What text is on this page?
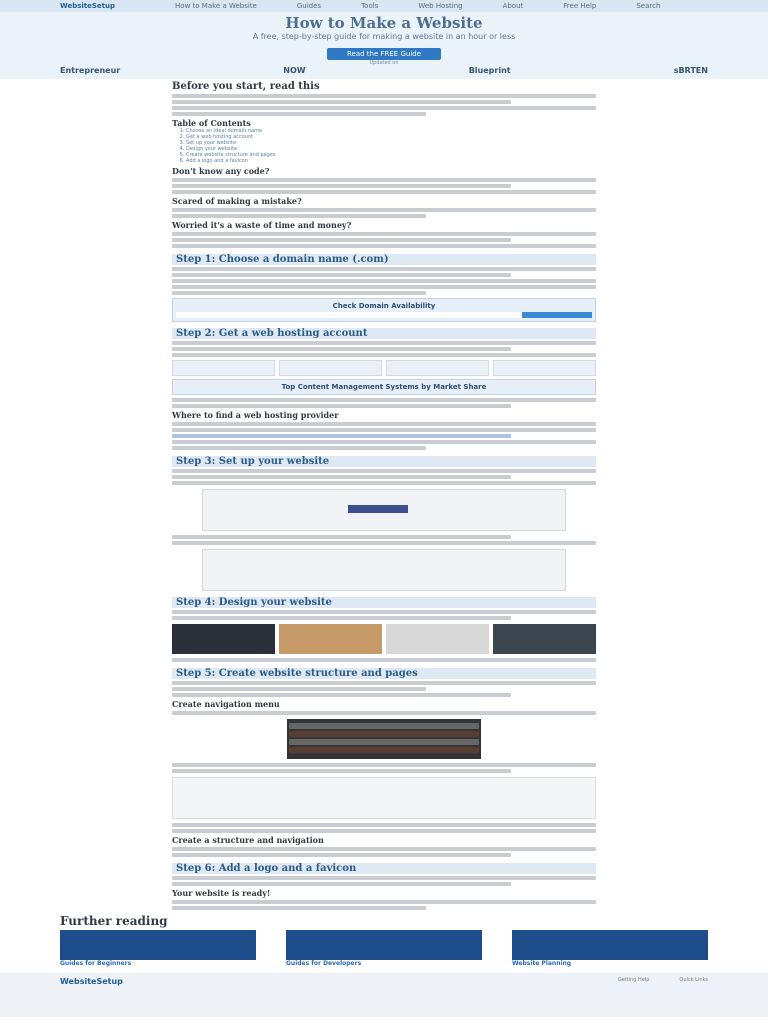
WebsiteSetup	How to Make a Website	Guides	Tools	Web Hosting	About	Free Help	Search
How to Make a Website
A free, step-by-step guide for making a website in an hour or less
Read the FREE Guide
Updated on
Entrepreneur	NOW	Blueprint	sBRTEN
Before you start, read this
Table of Contents
1. Choose an ideal domain name
2. Get a web hosting account
3. Set up your website
4. Design your website
5. Create website structure and pages
6. Add a logo and a favicon
Don't know any code?
Scared of making a mistake?
Worried it's a waste of time and money?
Step 1: Choose a domain name (.com)
Check Domain Availability
Step 2: Get a web hosting account
Top Content Management Systems by Market Share
Where to find a web hosting provider
Step 3: Set up your website
Step 4: Design your website
Step 5: Create website structure and pages
Create navigation menu
Create a structure and navigation
Step 6: Add a logo and a favicon
Your website is ready!
Further reading
Guides for Beginners	Guides for Developers	Website Planning
WebsiteSetup	Getting Help	Quick Links
